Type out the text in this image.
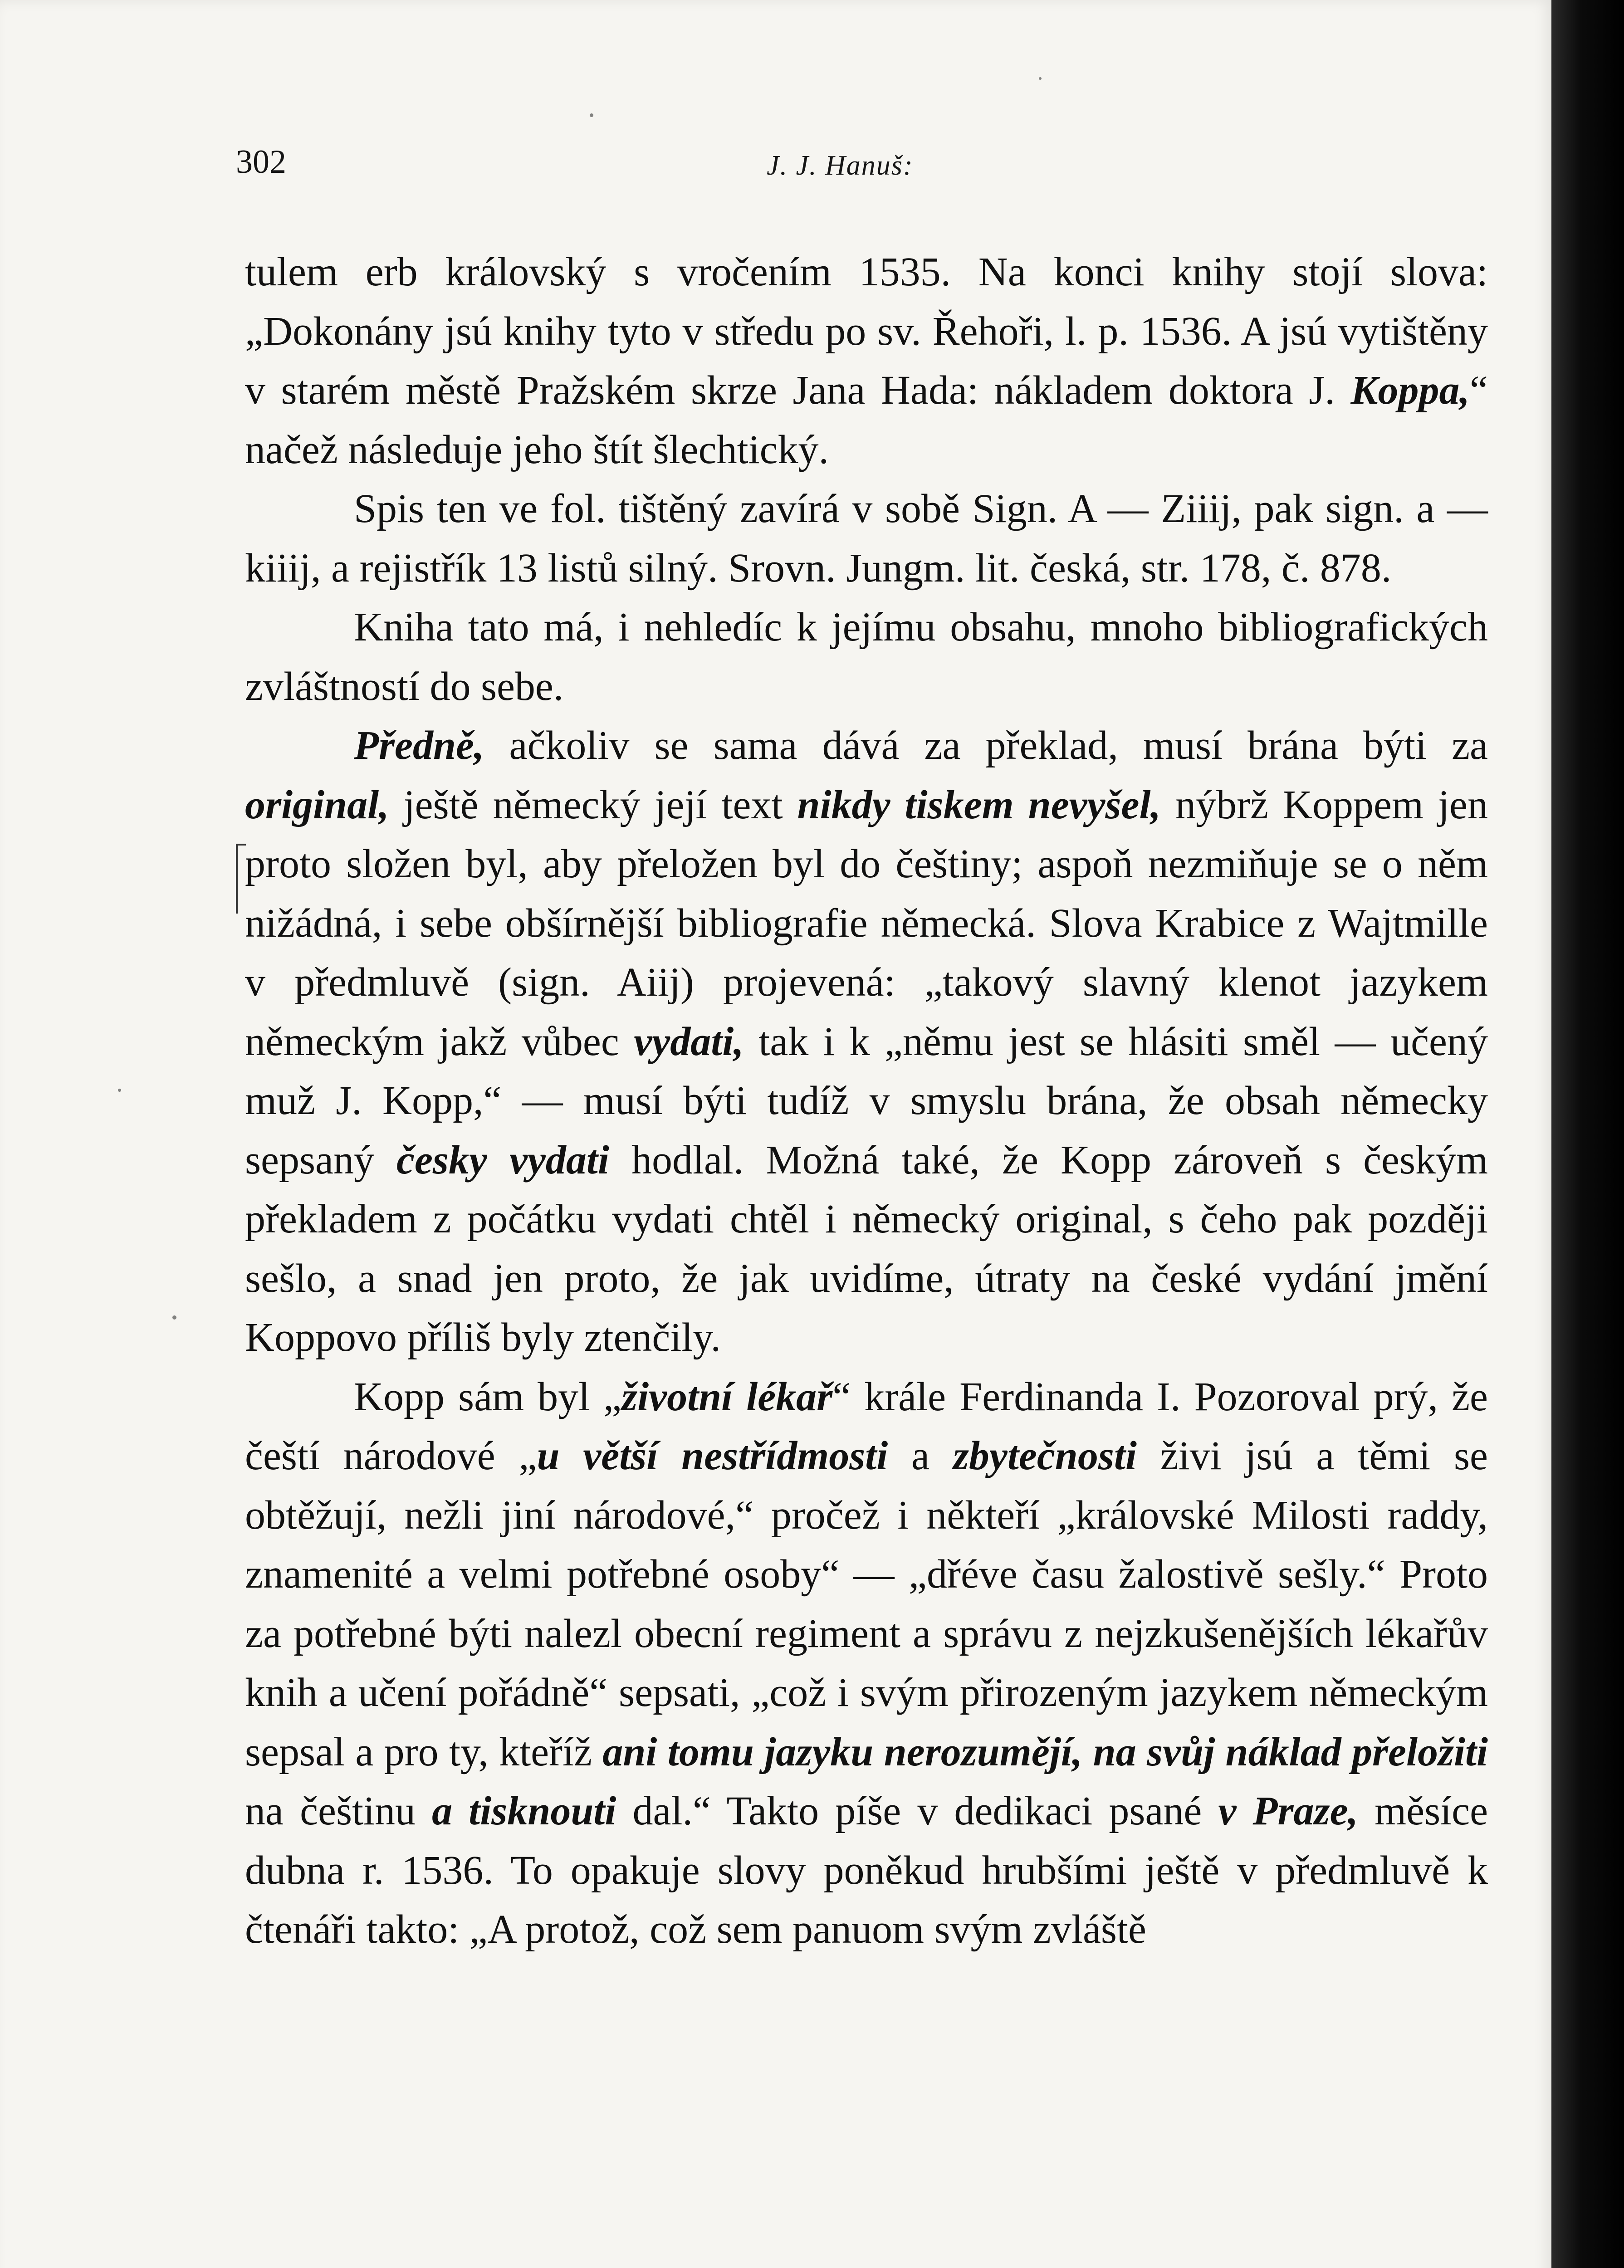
302	J. J. Hanuš:

tulem erb královský s vročením 1535. Na konci knihy stojí slova: „Dokonány jsú knihy tyto v středu po sv. Řehoři, l. p. 1536. A jsú vytištěny v starém městě Pražském skrze Jana Hada: nákladem doktora J. Koppa,“ načež následuje jeho štít šlechtický.

Spis ten ve fol. tištěný zavírá v sobě Sign. A — Ziiij, pak sign. a — kiiij, a rejistřík 13 listů silný. Srovn. Jungm. lit. česká, str. 178, č. 878.

Kniha tato má, i nehledíc k jejímu obsahu, mnoho bibliografických zvláštností do sebe.

Předně, ačkoliv se sama dává za překlad, musí brána býti za original, ještě německý její text nikdy tiskem nevyšel, nýbrž Koppem jen proto složen byl, aby přeložen byl do češtiny; aspoň nezmiňuje se o něm nižádná, i sebe obšírnější bibliografie německá. Slova Krabice z Wajtmille v předmluvě (sign. Aiij) projevená: „takový slavný klenot jazykem německým jakž vůbec vydati, tak i k „němu jest se hlásiti směl — učený muž J. Kopp,“ — musí býti tudíž v smyslu brána, že obsah německy sepsaný česky vydati hodlal. Možná také, že Kopp zároveň s českým překladem z počátku vydati chtěl i německý original, s čeho pak později sešlo, a snad jen proto, že jak uvidíme, útraty na české vydání jmění Koppovo příliš byly ztenčily.

Kopp sám byl „životní lékař“ krále Ferdinanda I. Pozoroval prý, že čeští národové „u větší nestřídmosti a zbytečnosti živi jsú a těmi se obtěžují, nežli jiní národové,“ pročež i někteří „královské Milosti raddy, znamenité a velmi potřebné osoby“ — „dřéve času žalostivě sešly.“ Proto za potřebné býti nalezl obecní regiment a správu z nejzkušenějších lékařův knih a učení pořádně“ sepsati, „což i svým přirozeným jazykem německým sepsal a pro ty, kteříž ani tomu jazyku nerozumějí, na svůj náklad přeložiti na češtinu a tisknouti dal.“ Takto píše v dedikaci psané v Praze, měsíce dubna r. 1536. To opakuje slovy poněkud hrubšími ještě v předmluvě k čtenáři takto: „A protož, což sem panuom svým zvláště
